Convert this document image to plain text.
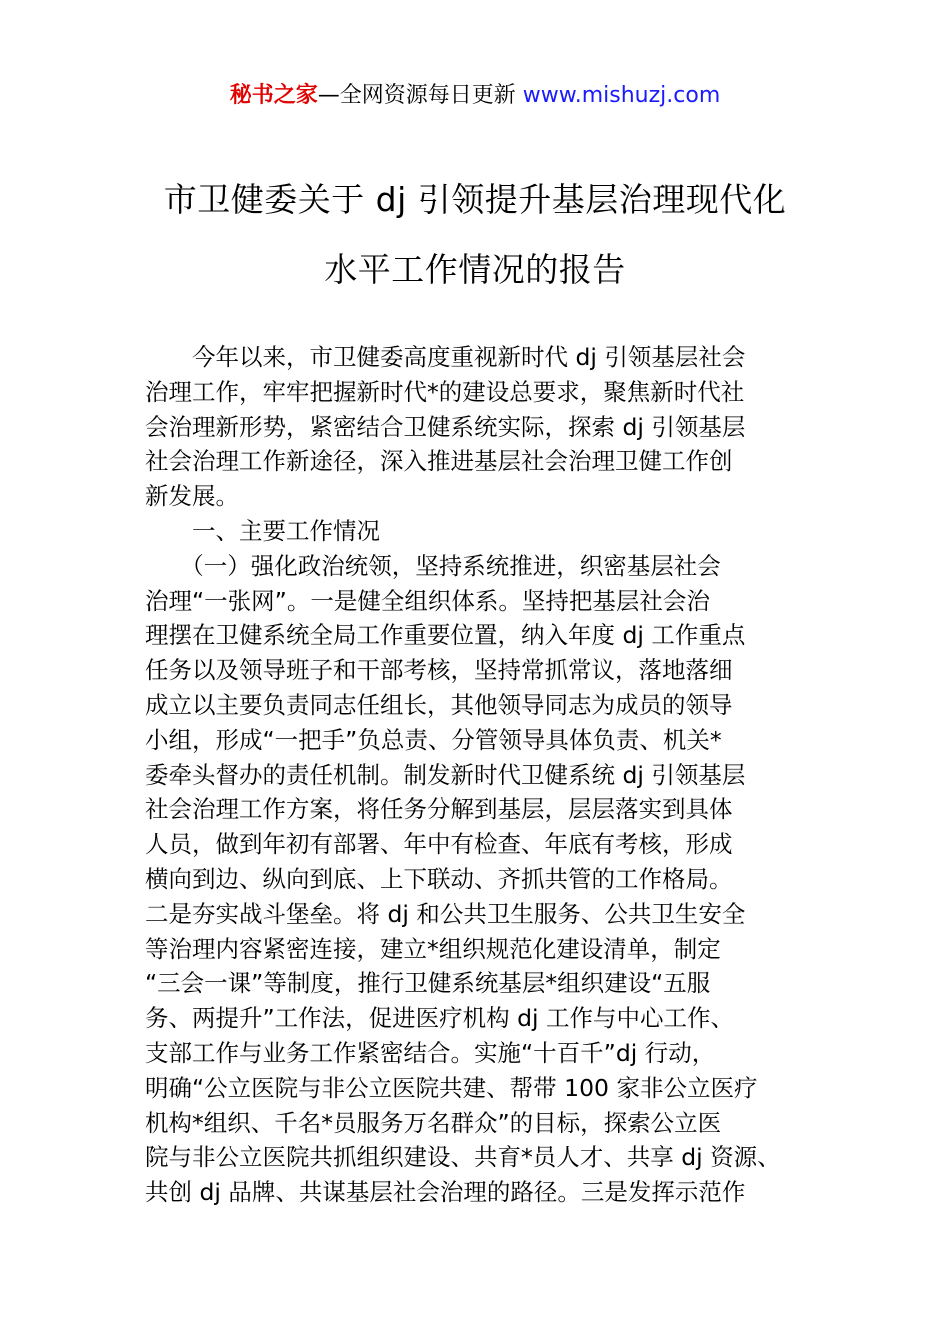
秘书之家—全网资源每日更新 www.mishuzj.com
市卫健委关于 dj 引领提升基层治理现代化
水平工作情况的报告
　　今年以来，市卫健委高度重视新时代 dj 引领基层社会
治理工作，牢牢把握新时代*的建设总要求，聚焦新时代社
会治理新形势，紧密结合卫健系统实际，探索 dj 引领基层
社会治理工作新途径，深入推进基层社会治理卫健工作创
新发展。
　　一、主要工作情况
　　（一）强化政治统领，坚持系统推进，织密基层社会
治理“一张网”。一是健全组织体系。坚持把基层社会治
理摆在卫健系统全局工作重要位置，纳入年度 dj 工作重点
任务以及领导班子和干部考核，坚持常抓常议，落地落细
成立以主要负责同志任组长，其他领导同志为成员的领导
小组，形成“一把手”负总责、分管领导具体负责、机关*
委牵头督办的责任机制。制发新时代卫健系统 dj 引领基层
社会治理工作方案，将任务分解到基层，层层落实到具体
人员，做到年初有部署、年中有检查、年底有考核，形成
横向到边、纵向到底、上下联动、齐抓共管的工作格局。
二是夯实战斗堡垒。将 dj 和公共卫生服务、公共卫生安全
等治理内容紧密连接，建立*组织规范化建设清单，制定
“三会一课”等制度，推行卫健系统基层*组织建设“五服
务、两提升”工作法，促进医疗机构 dj 工作与中心工作、
支部工作与业务工作紧密结合。实施“十百千”dj 行动，
明确“公立医院与非公立医院共建、帮带 100 家非公立医疗
机构*组织、千名*员服务万名群众”的目标，探索公立医
院与非公立医院共抓组织建设、共育*员人才、共享 dj 资源、
共创 dj 品牌、共谋基层社会治理的路径。三是发挥示范作
